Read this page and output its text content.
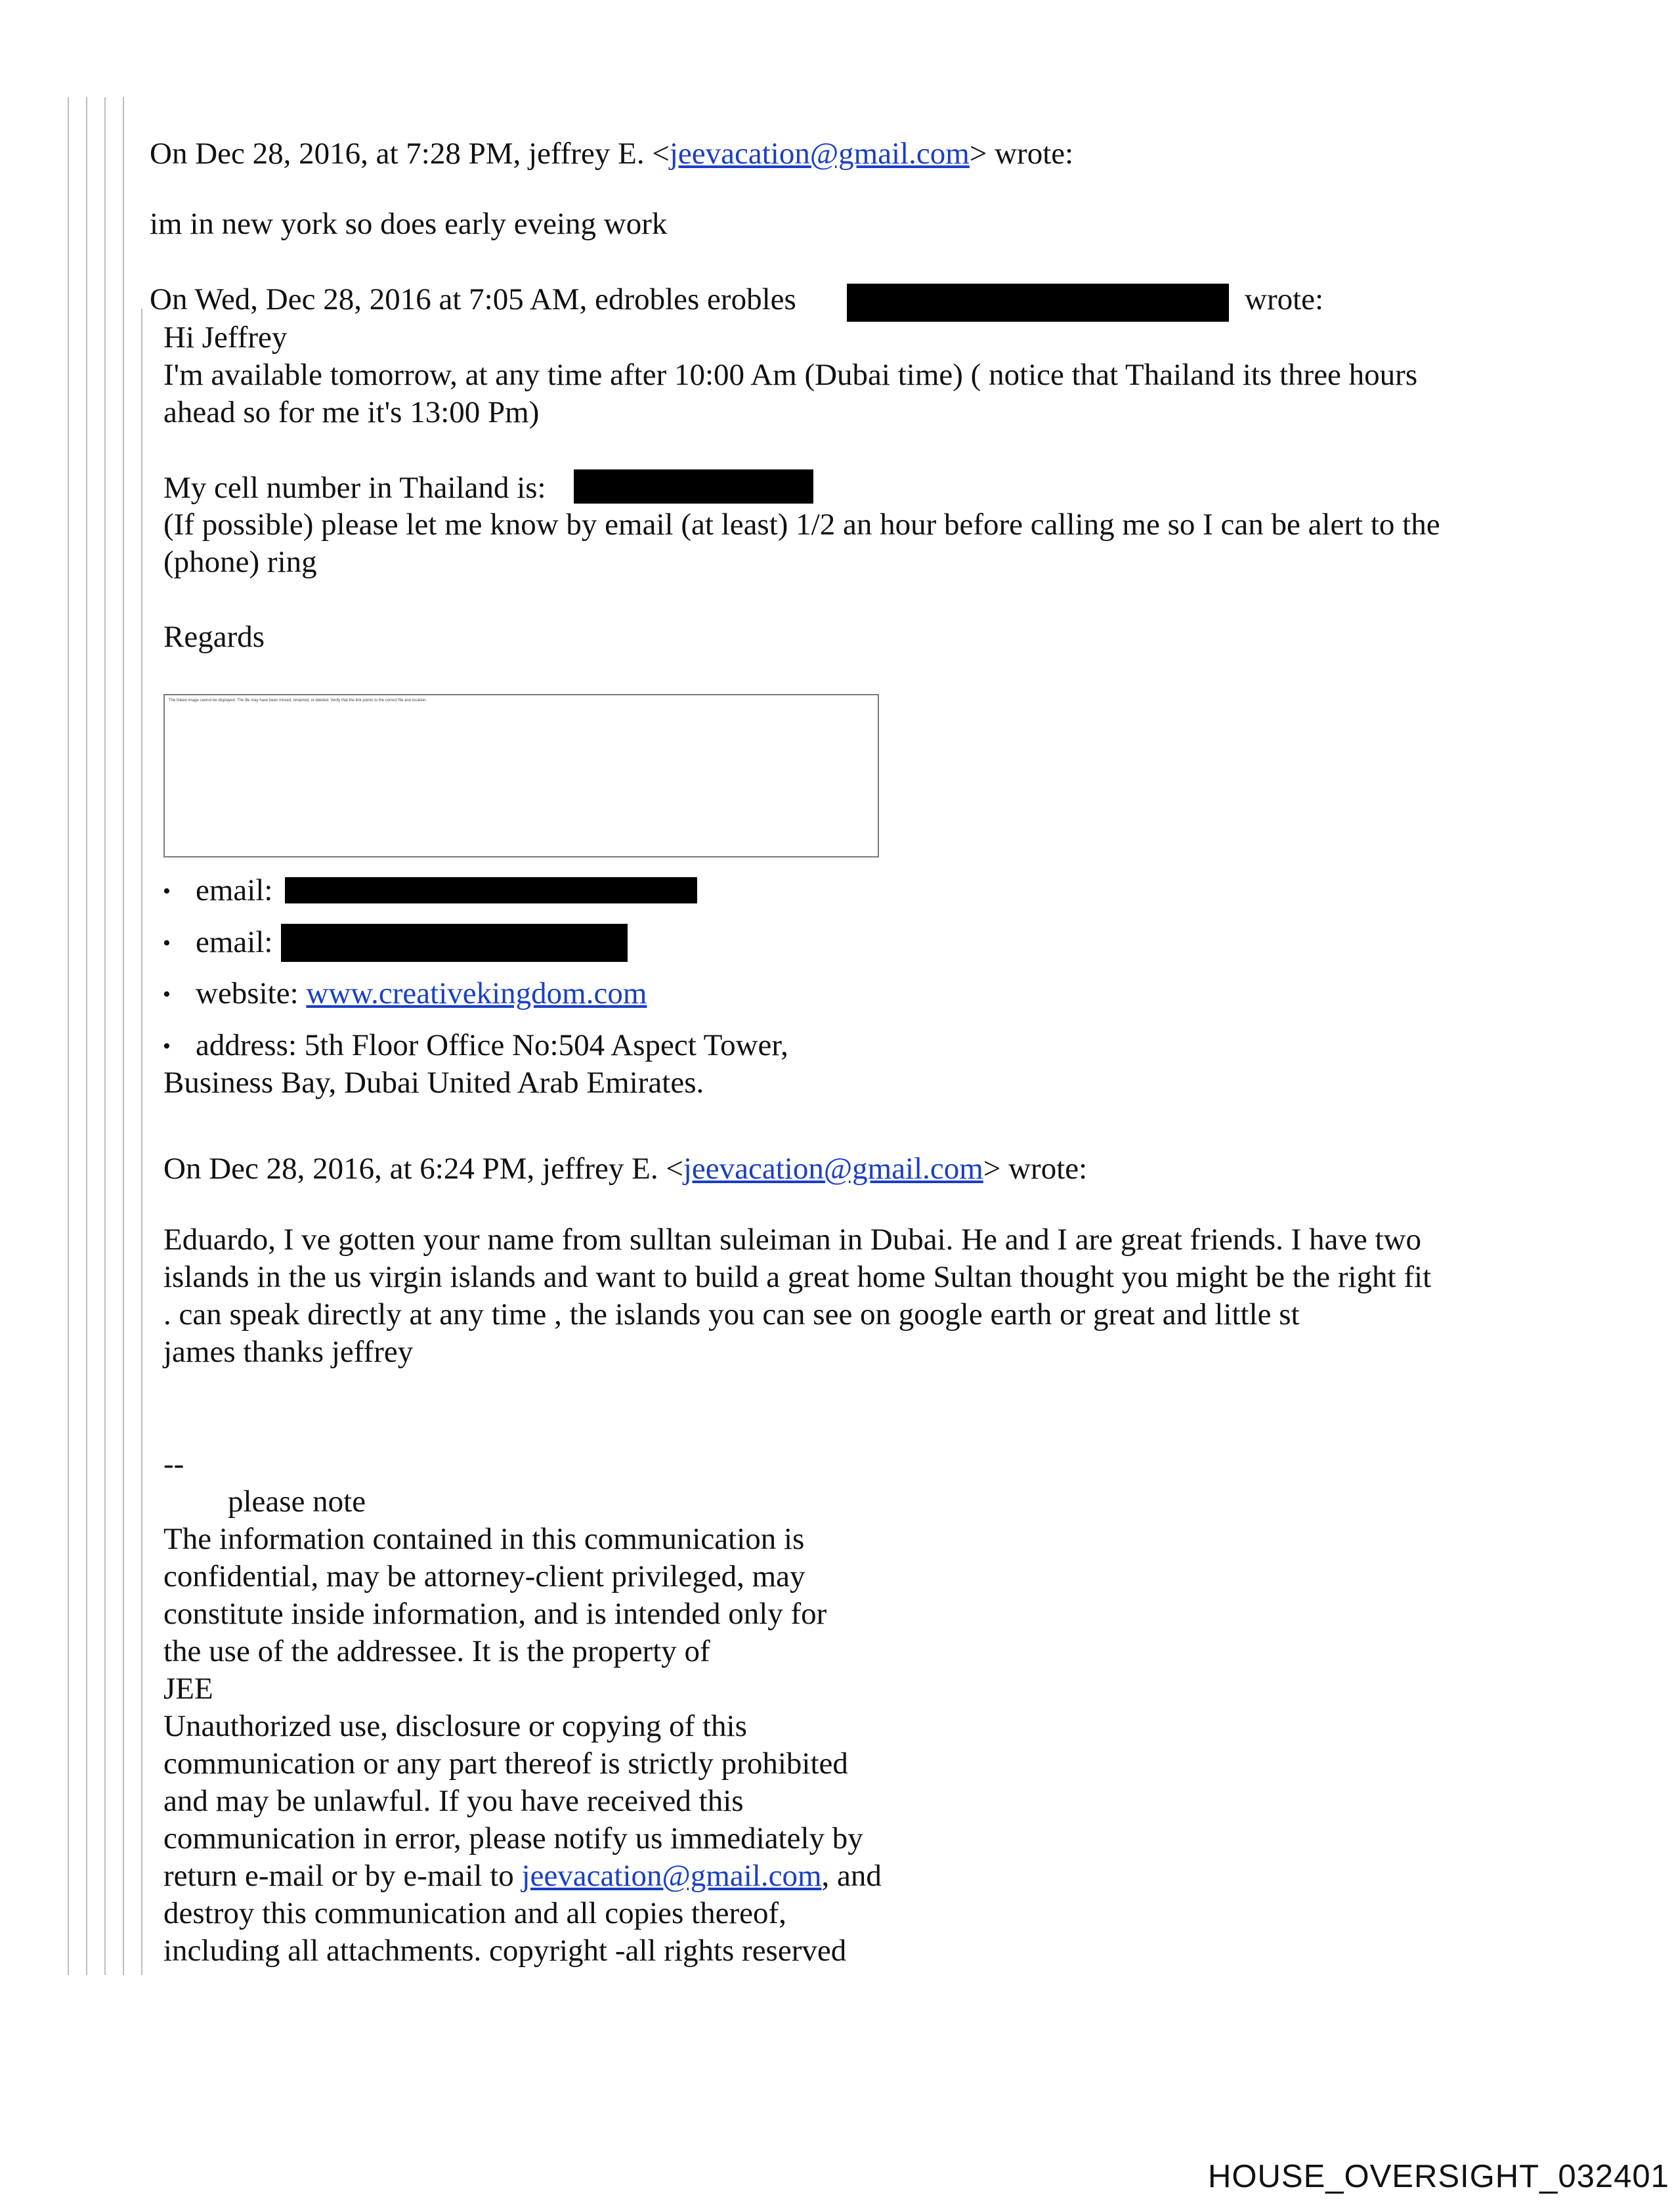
On Dec 28, 2016, at 7:28 PM, jeffrey E. <jeevacation@gmail.com> wrote:
im in new york so does early eveing work
On Wed, Dec 28, 2016 at 7:05 AM, edrobles erobles	wrote:
Hi Jeffrey
I'm available tomorrow, at any time after 10:00 Am (Dubai time) ( notice that Thailand its three hours
ahead so for me it's 13:00 Pm)
My cell number in Thailand is:
(If possible) please let me know by email (at least) 1/2 an hour before calling me so I can be alert to the
(phone) ring
Regards
The linked image cannot be displayed. The file may have been moved, renamed, or deleted. Verify that the link points to the correct file and location.
• email:
• email:
• website: www.creativekingdom.com
• address: 5th Floor Office No:504 Aspect Tower,
Business Bay, Dubai United Arab Emirates.
On Dec 28, 2016, at 6:24 PM, jeffrey E. <jeevacation@gmail.com> wrote:
Eduardo, I ve gotten your name from sulltan suleiman in Dubai. He and I are great friends. I have two
islands in the us virgin islands and want to build a great home Sultan thought you might be the right fit
. can speak directly at any time , the islands you can see on google earth or great and little st
james thanks jeffrey
--
please note
The information contained in this communication is
confidential, may be attorney-client privileged, may
constitute inside information, and is intended only for
the use of the addressee. It is the property of
JEE
Unauthorized use, disclosure or copying of this
communication or any part thereof is strictly prohibited
and may be unlawful. If you have received this
communication in error, please notify us immediately by
return e-mail or by e-mail to jeevacation@gmail.com, and
destroy this communication and all copies thereof,
including all attachments. copyright -all rights reserved
HOUSE_OVERSIGHT_032401
